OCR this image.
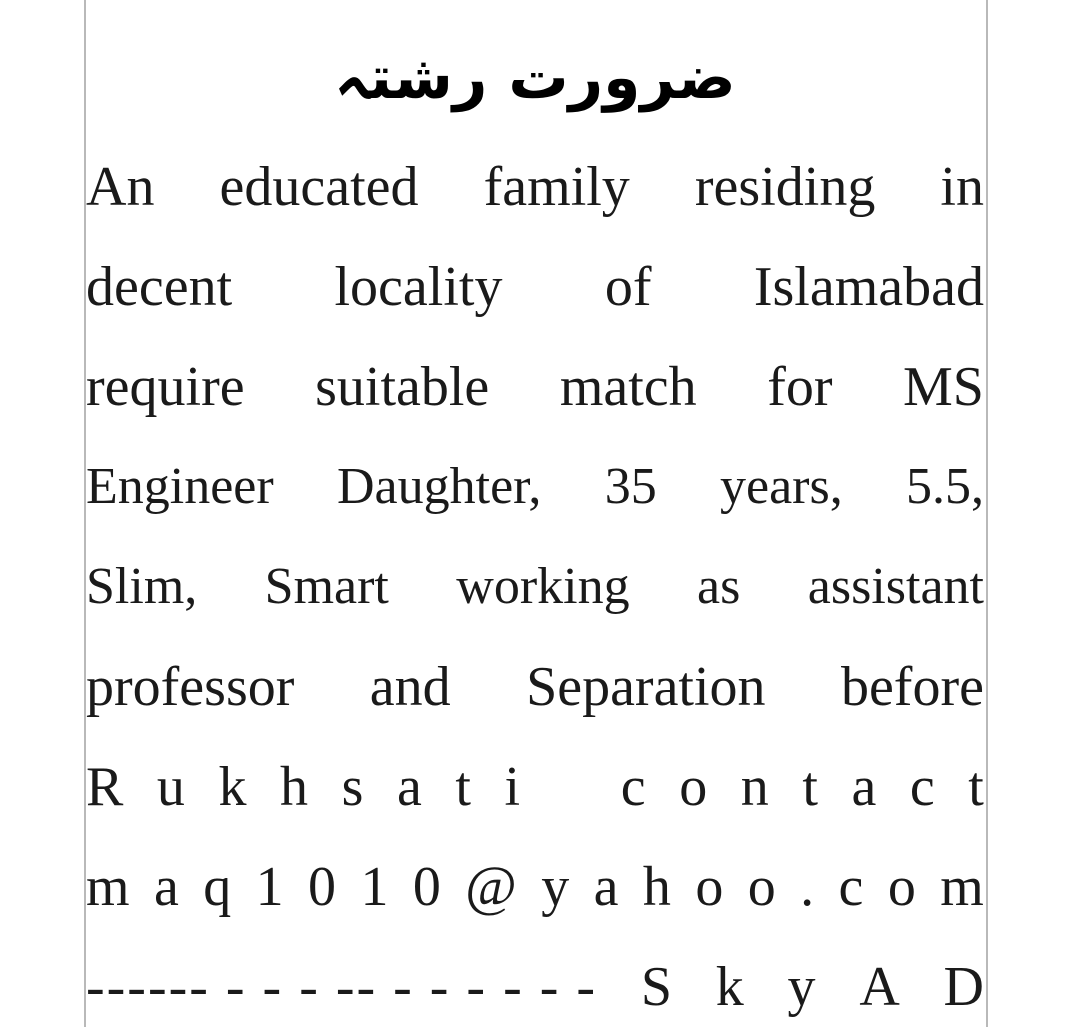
ضرورت رشتہ
An educated family residing in
decent locality of Islamabad
require suitable match for MS
Engineer Daughter, 35 years, 5.5,
Slim, Smart working as assistant
professor and Separation before
R u k h s a t i c o n t a c t
m a q 1 0 1 0 @ y a h o o . c o m
------ - - - -- - - - - - - S k y A D
